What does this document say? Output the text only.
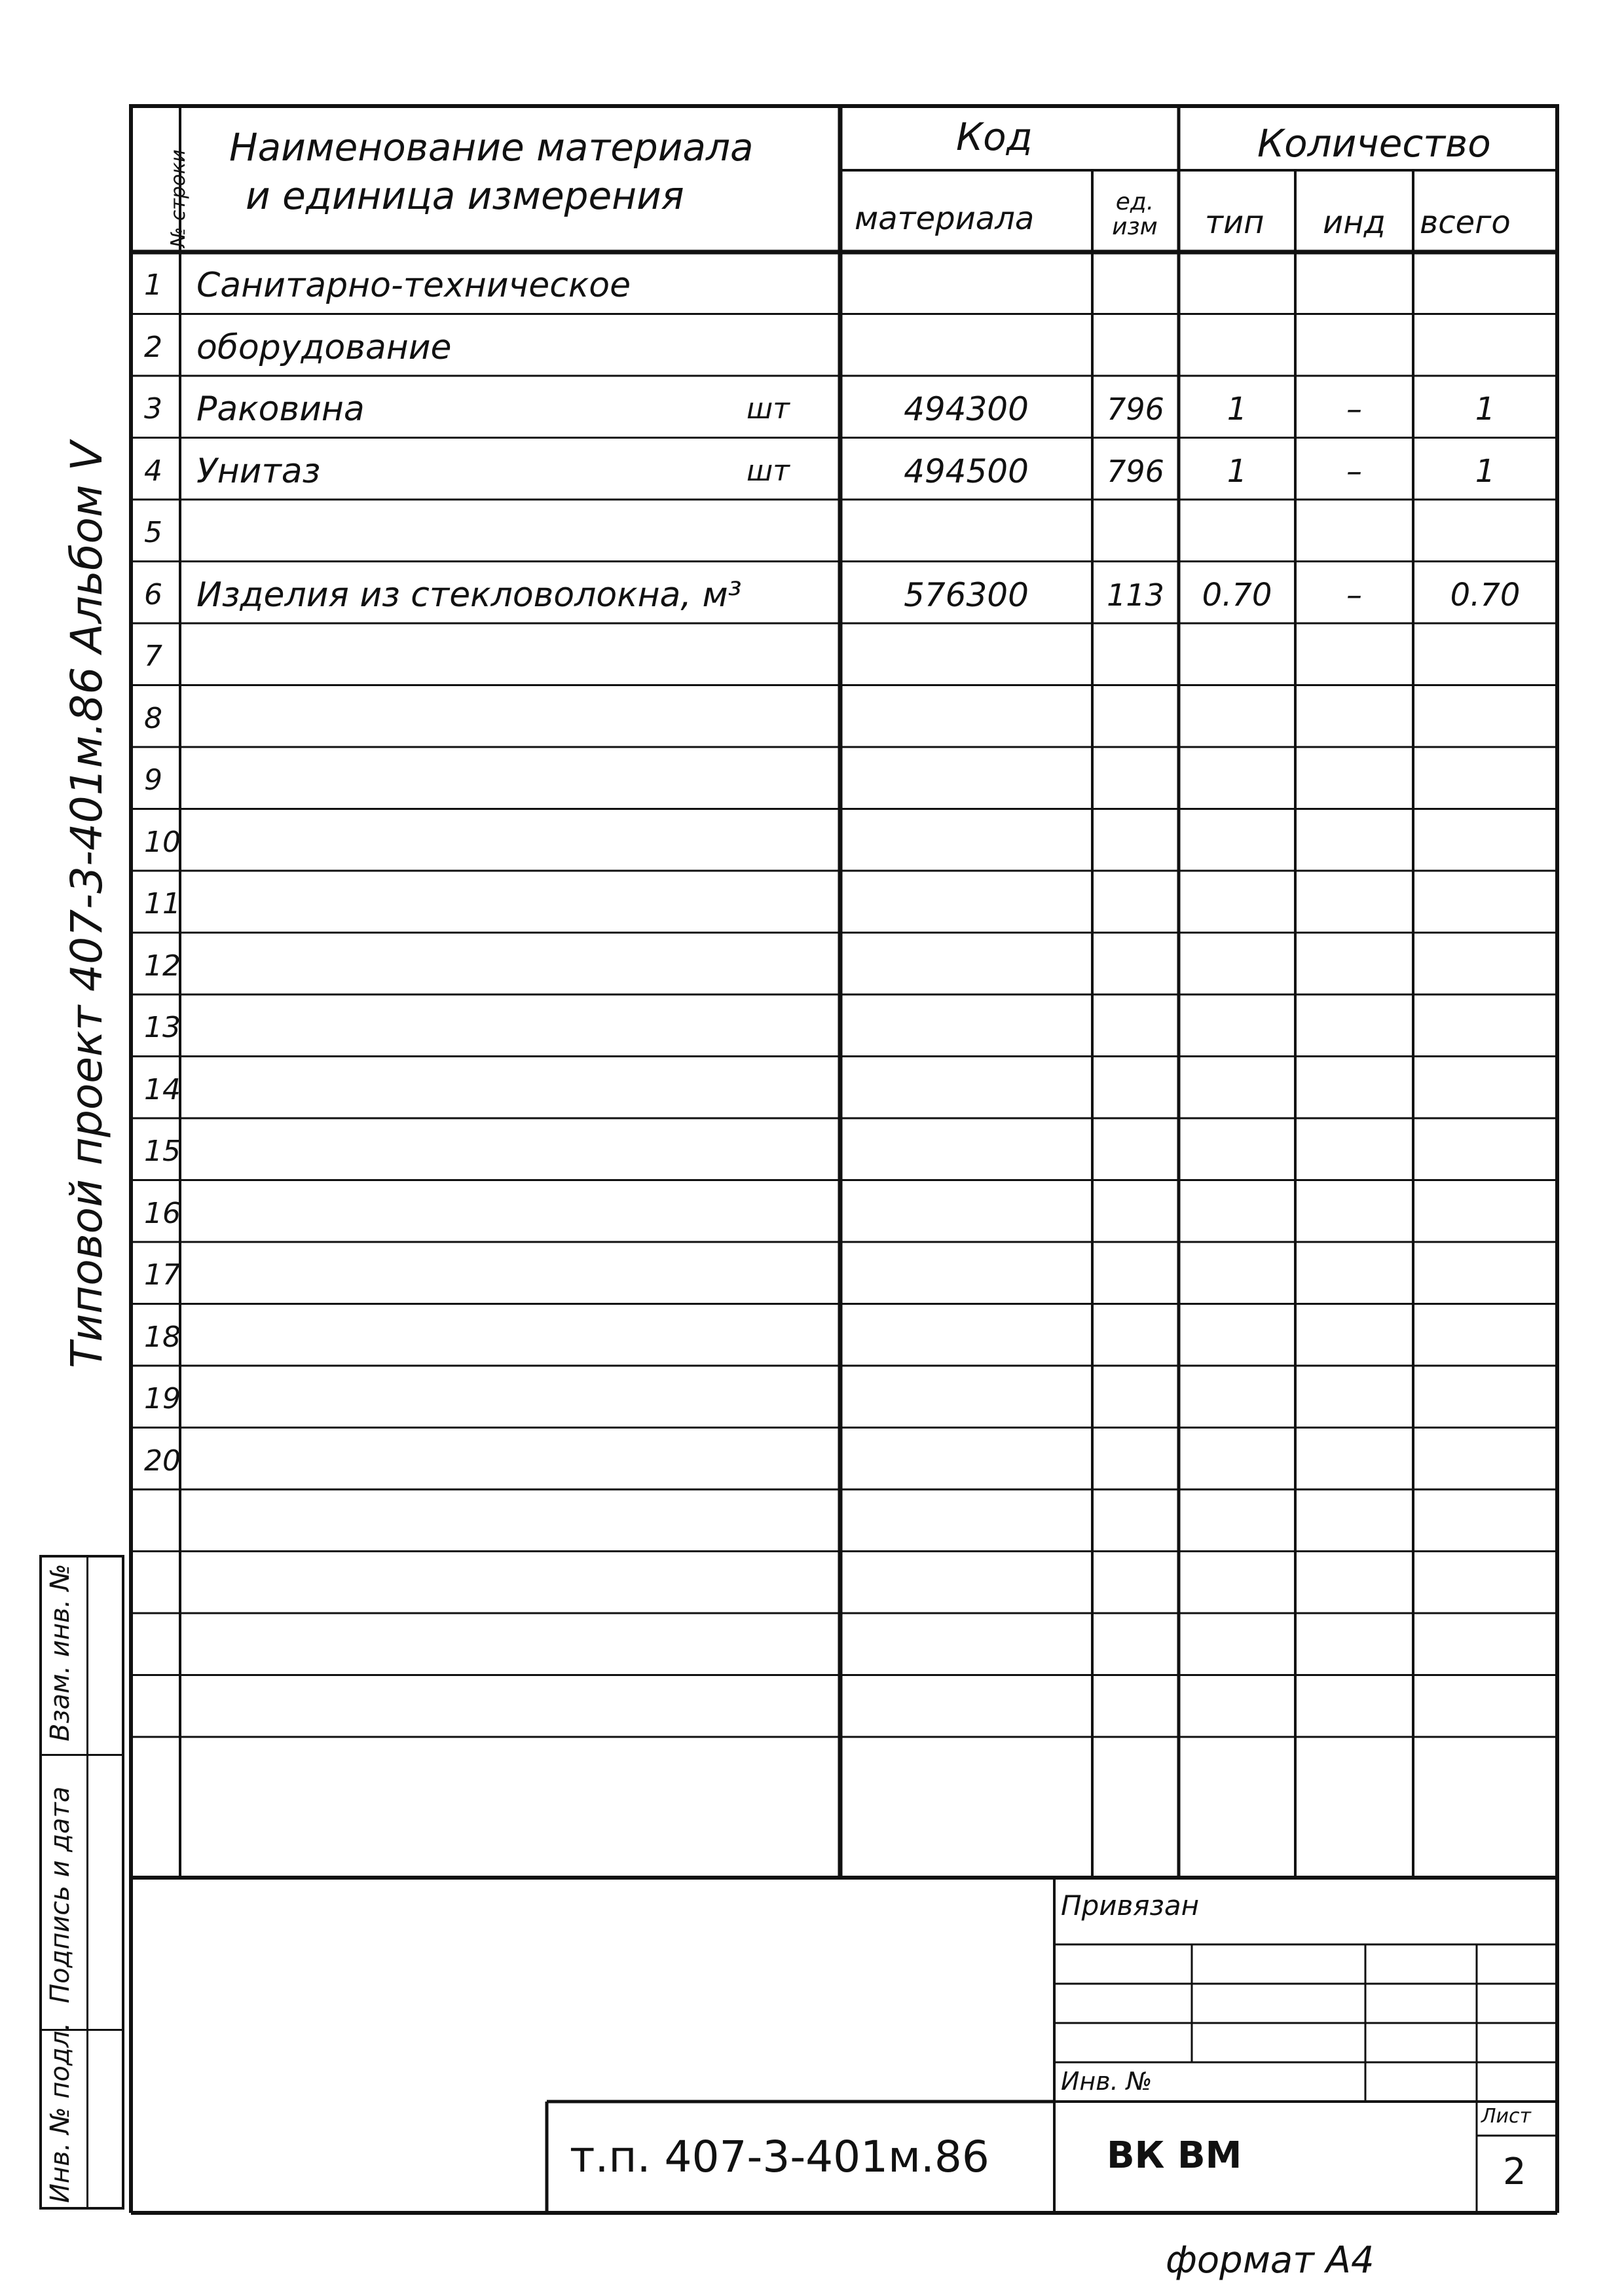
Типовой проект 407-3-401м.86 Альбом V
Взам. инв. №
Подпись и дата
Инв. № подл.
№ строки
Наименование материала
и единица измерения
Код	Количество
материала	ед. изм	тип инд всего
1	Санитарно-техническое
2	оборудование
3	Раковина	шт	494300	796	1	–	1
4	Унитаз	шт	494500	796	1	–	1
5
6	Изделия из стекловолокна, м³	576300	113	0.70	–	0.70
7
8
9
10
11
12
13
14
15
16
17
18
19
20
Привязан
Инв. №
т.п. 407-3-401м.86	ВК ВМ
Лист
2
формат А4
